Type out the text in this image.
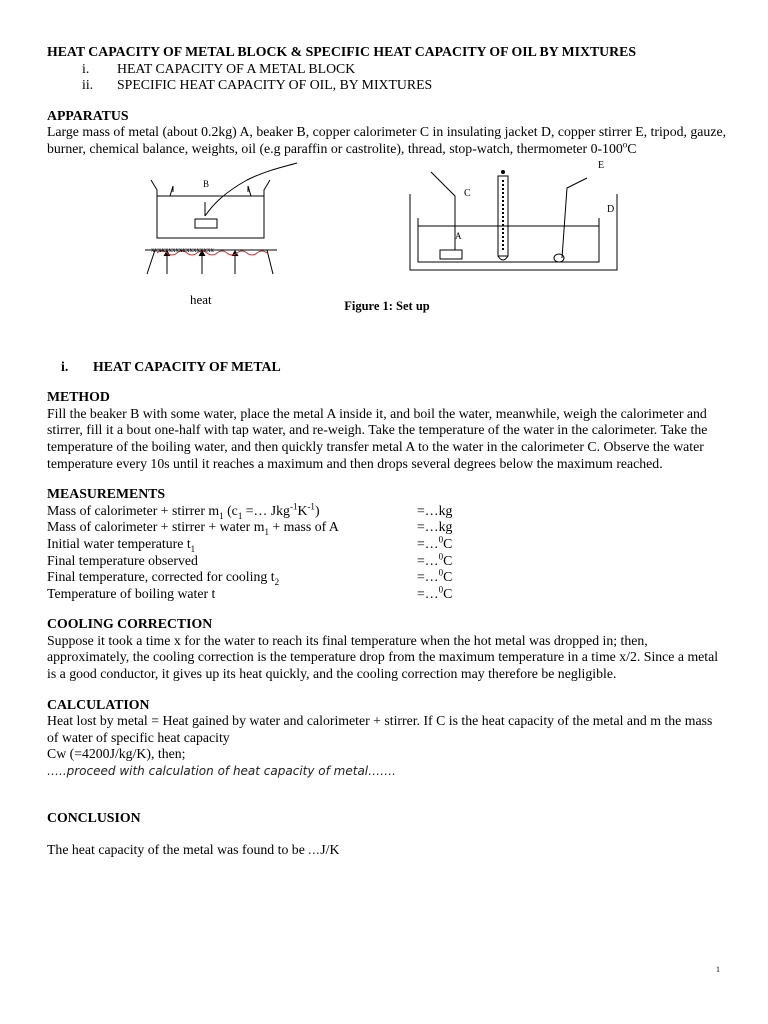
HEAT CAPACITY OF METAL BLOCK & SPECIFIC HEAT CAPACITY OF OIL BY MIXTURES
i.	HEAT CAPACITY OF A METAL BLOCK
ii.	SPECIFIC HEAT CAPACITY OF OIL, BY MIXTURES
APPARATUS

Large mass of metal (about 0.2kg) A, beaker B, copper calorimeter C in insulating jacket D, copper stirrer E, tripod, gauze, burner, chemical balance, weights, oil (e.g paraffin or castrolite), thread, stop-watch, thermometer 0-100$^o$C

B
xxxxxxxxxxxxxxxxxx
heat
C
A
E
D
Figure 1: Set up
i.	HEAT CAPACITY OF METAL
METHOD

Fill the beaker B with some water, place the metal A inside it, and boil the water, meanwhile, weigh the calorimeter and stirrer, fill it a bout one-half with tap water, and re-weigh. Take the temperature of the water in the calorimeter. Take the temperature of the boiling water, and then quickly transfer metal A to the water in the calorimeter C. Observe the water temperature every 10s until it reaches a maximum and then drops several degrees below the maximum reached.

MEASUREMENTS
Mass of calorimeter + stirrer $m_1$ ($c_1$ =… $Jkg^{-1}K^{-1}$)	=…kg
Mass of calorimeter + stirrer + water $m_1$ + mass of A	=…kg
Initial water temperature $t_1$	=…$^0$C
Final temperature observed	=…$^0$C
Final temperature, corrected for cooling $t_2$	=…$^0$C
Temperature of boiling water t	=…$^0$C
COOLING CORRECTION

Suppose it took a time x for the water to reach its final temperature when the hot metal was dropped in; then, approximately, the cooling correction is the temperature drop from the maximum temperature in a time x/2. Since a metal is a good conductor, it gives up its heat quickly, and the cooling correction may therefore be negligible.

CALCULATION

Heat lost by metal = Heat gained by water and calorimeter + stirrer. If C is the heat capacity of the metal and m the mass of water of specific heat capacity

Cw (=4200J/kg/K), then;

…..proceed with calculation of heat capacity of metal…….

CONCLUSION

The heat capacity of the metal was found to be …J/K

1
